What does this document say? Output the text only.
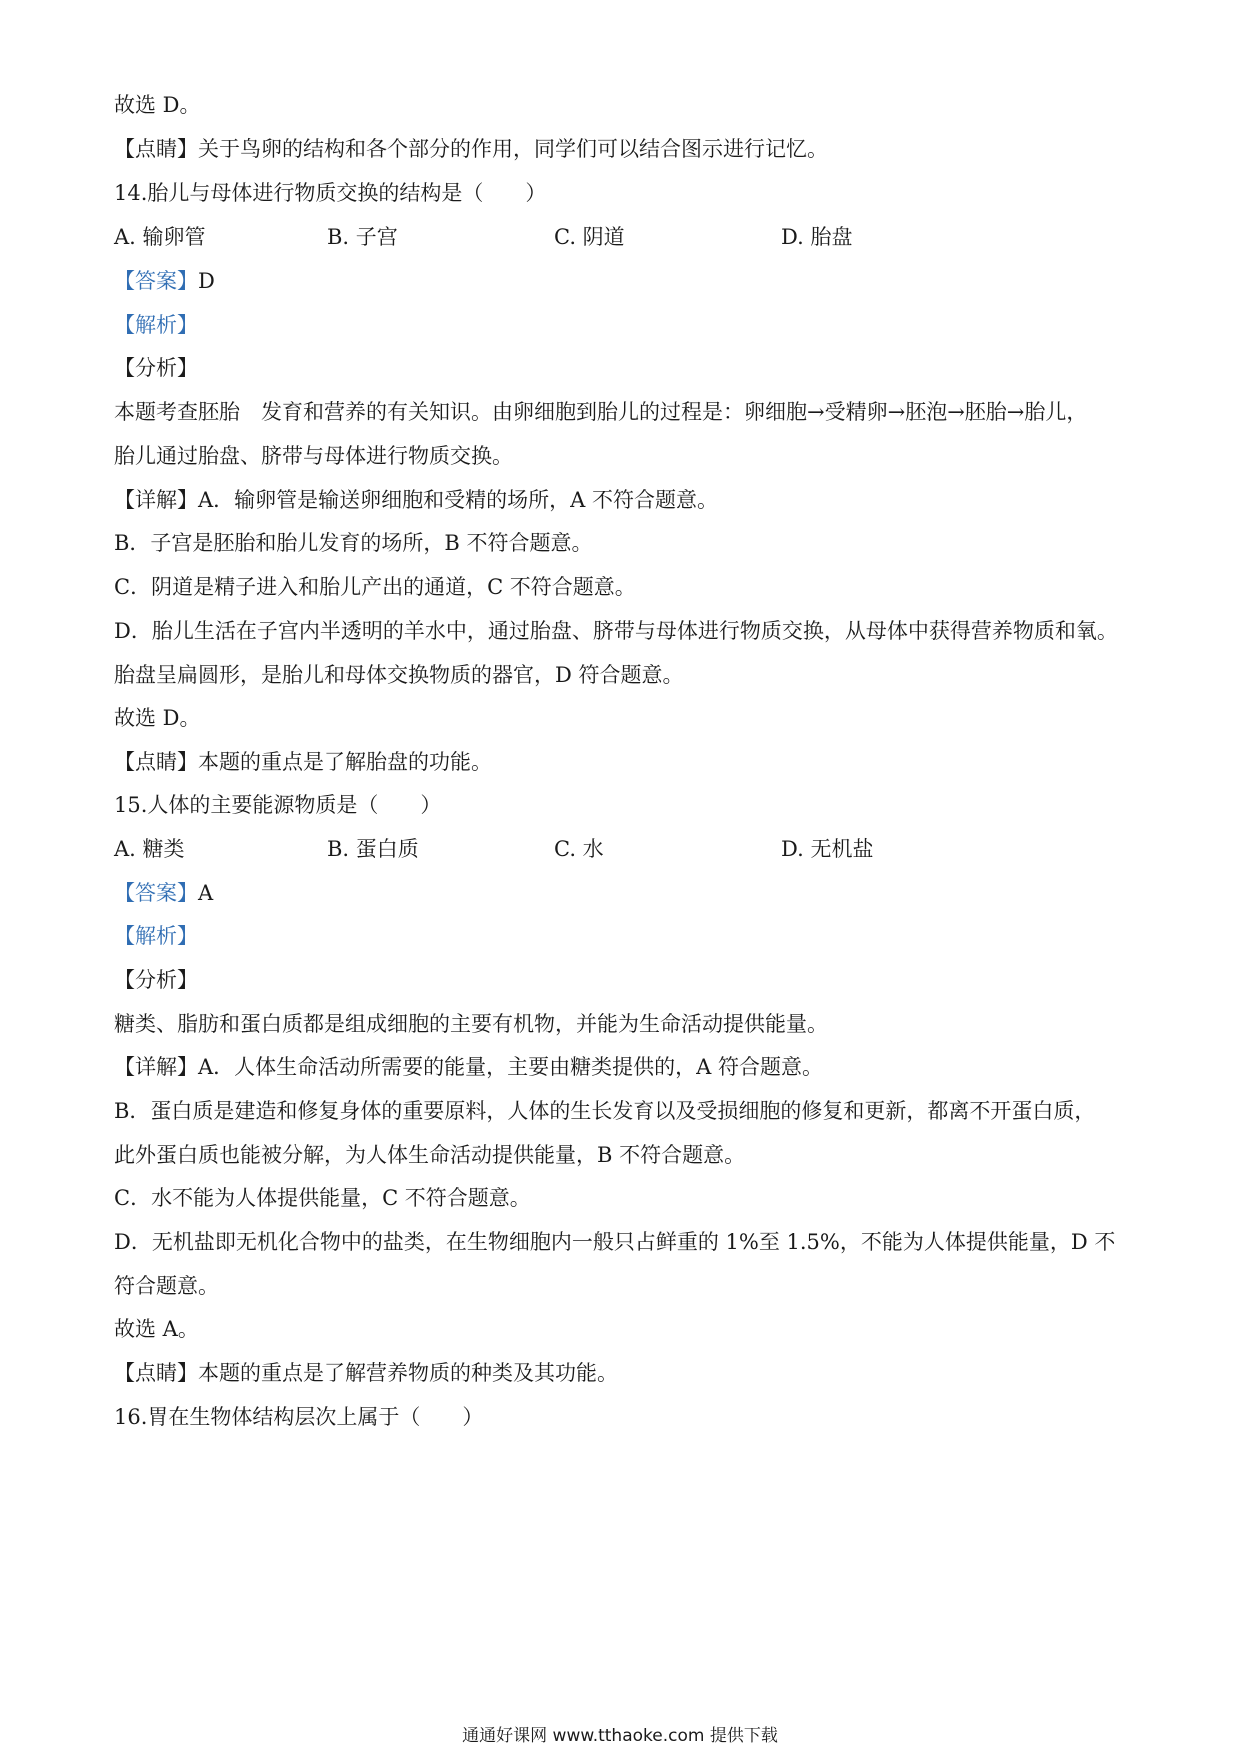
故选 D。
【点睛】关于鸟卵的结构和各个部分的作用，同学们可以结合图示进行记忆。
14.胎儿与母体进行物质交换的结构是（　　）
A. 输卵管	B. 子宫	C. 阴道	D. 胎盘
【答案】D
【解析】
【分析】
本题考查胚胎　发育和营养的有关知识。由卵细胞到胎儿的过程是：卵细胞→受精卵→胚泡→胚胎→胎儿，
胎儿通过胎盘、脐带与母体进行物质交换。
【详解】A．输卵管是输送卵细胞和受精的场所，A 不符合题意。
B．子宫是胚胎和胎儿发育的场所，B 不符合题意。
C．阴道是精子进入和胎儿产出的通道，C 不符合题意。
D．胎儿生活在子宫内半透明的羊水中，通过胎盘、脐带与母体进行物质交换，从母体中获得营养物质和氧。
胎盘呈扁圆形，是胎儿和母体交换物质的器官，D 符合题意。
故选 D。
【点睛】本题的重点是了解胎盘的功能。
15.人体的主要能源物质是（　　）
A. 糖类	B. 蛋白质	C. 水	D. 无机盐
【答案】A
【解析】
【分析】
糖类、脂肪和蛋白质都是组成细胞的主要有机物，并能为生命活动提供能量。
【详解】A．人体生命活动所需要的能量，主要由糖类提供的，A 符合题意。
B．蛋白质是建造和修复身体的重要原料，人体的生长发育以及受损细胞的修复和更新，都离不开蛋白质，
此外蛋白质也能被分解，为人体生命活动提供能量，B 不符合题意。
C．水不能为人体提供能量，C 不符合题意。
D．无机盐即无机化合物中的盐类，在生物细胞内一般只占鲜重的 1%至 1.5%，不能为人体提供能量，D 不
符合题意。
故选 A。
【点睛】本题的重点是了解营养物质的种类及其功能。
16.胃在生物体结构层次上属于（　　）
通通好课网 www.tthaoke.com 提供下载
